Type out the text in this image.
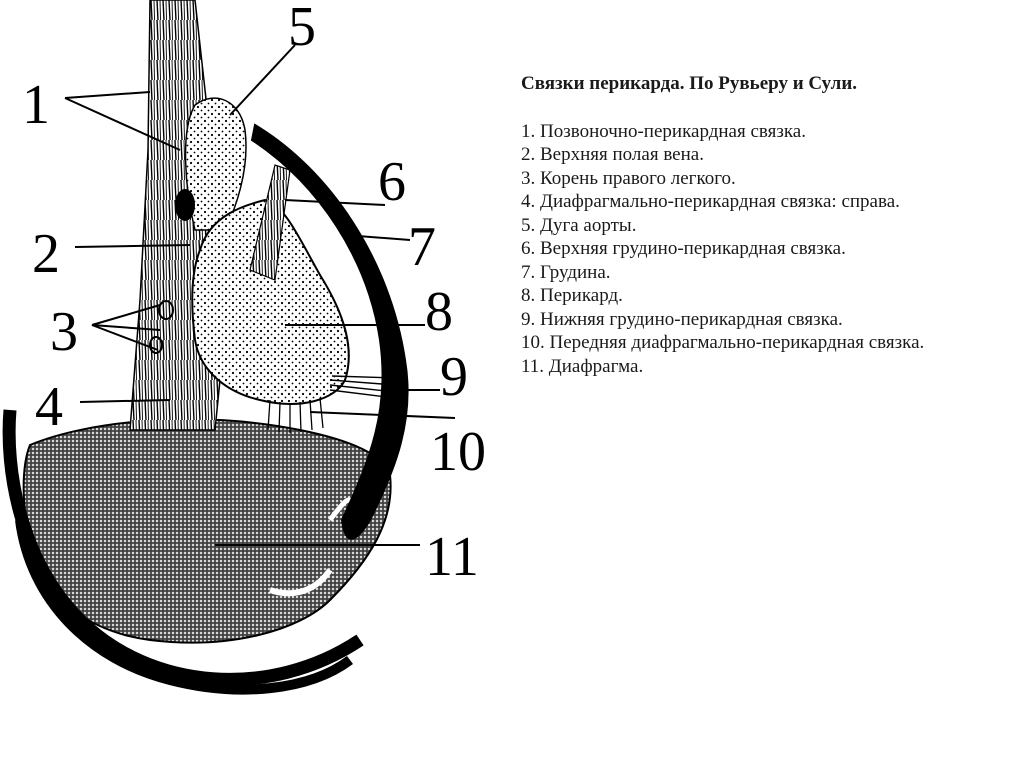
1
2
3
4
5
6
7
8
9
10
11

Связки перикарда. По Рувьеру и Сули.

1. Позвоночно-перикардная связка.
2. Верхняя полая вена.
3. Корень правого легкого.
4. Диафрагмально-перикардная связка: справа.
5. Дуга аорты.
6. Верхняя грудино-перикардная связка.
7. Грудина.
8. Перикард.
9. Нижняя грудино-перикардная связка.
10. Передняя диафрагмально-перикардная связка.
11. Диафрагма.
